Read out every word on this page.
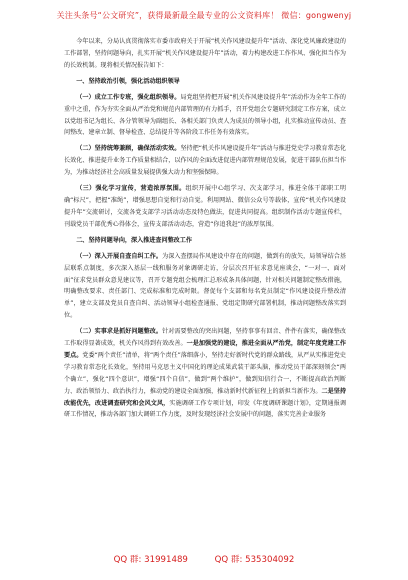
关注头条号“公文研究”，获得最新最全最专业的公文资料库！ 微信：gongwenyj

今年以来，分局认真贯彻落实市委市政府关于开展“机关作风建设提升年”活动、深化党风廉政建设的工作部署，坚持问题导向，扎实开展“机关作风建设提升年”活动，着力构建改进工作作风、强化担当作为的长效机制。现将相关情况报告如下：

一、坚持政治引领，强化活动组织领导

（一）成立工作专班，强化组织领导。局党组坚持把开展“机关作风建设提升年”活动作为全年工作的重中之重，作为夯实全面从严治党和规范内部管理的有力抓手，召开党组会专题研究制定工作方案，成立以党组书记为组长、各分管领导为副组长、各相关部门负责人为成员的领导小组，扎实推动宣传动员、查问整改、建章立制、督导检查、总结提升等各阶段工作任务有效落实。

（二）坚持统筹兼顾，确保活动实效。坚持把“机关作风建设提升年”活动与推进党史学习教育常态化长效化、推进提升业务工作质量相结合，以作风的全面改进促进内部管理规范发展，促进干部队伍担当作为，为推动经济社会高质量发展提供强大动力和坚强保障。

（三）强化学习宣传，营造浓厚氛围。组织开展中心组学习、次支部学习，推进全体干部职工明确“标尺”，把握“准绳”，增强思想自觉和行动自觉。利用网站、微信公众号等载体，宣传“机关作风建设提升年”交流研讨，交流各党支部学习活动动态及特色做法，促进共同提高。组织制作活动专题宣传栏，刊载党员干部优秀心得体会，宣传支部活动动态，营造“你追我赶”的浓厚氛围。

二、坚持问题导向，深入推进查问整改工作

（一）深入开展自查自纠工作。为深入查摆局作风建设中存在的问题，做到有的放矢，局领导结合基层联系点制度，多次深入基层一线和服务对象调研走访，分层次召开征求意见座谈会，“一对一、面对面”征求党员群众意见建议等，召开专题党组会梳理汇总形成条具体问题，针对相关问题制定整改措施，明确整改要求、责任部门、完成标准和完成时限。督促每个支部和每名党员制定“作风建设提升整改清单”，建立支部及党员自查自纠、活动领导小组检查通报、党组定期研究部署机制，推动问题整改落实到位。

（二）实事求是抓好问题整改。针对需要整改的突出问题，坚持事事有回音、件件有落实，确保整改工作取得显著成效，机关作风得到有效改善。一是加强党的建设，推进全面从严治党，制定年度党建工作要点。党委“两个责任”清单，将“两个责任”落细落小，坚持走好新时代党的群众路线，从严从实推进党史学习教育常态化长效化，坚持用马克思主义中国化的理论成果武装干部头脑，推动党员干部深刻领会“两个确立”，强化“四个意识”，增强“四个自信”，做到“两个维护”，做到知信行合一，不断提高政治判断力、政治领悟力、政治执行力，推动党的建设全面加强，推动新时代新征程上的新担当新作为。二是坚持改能优先，改进调查研究和会风文风，实施调研工作专项计划，印发《年度调研课题计划》，定期通报调研工作情况，推动各部门加大调研工作力度，及时发现经济社会发展中的问题，落实完善企业服务

QQ 群: 31991489	QQ 群: 535304092
